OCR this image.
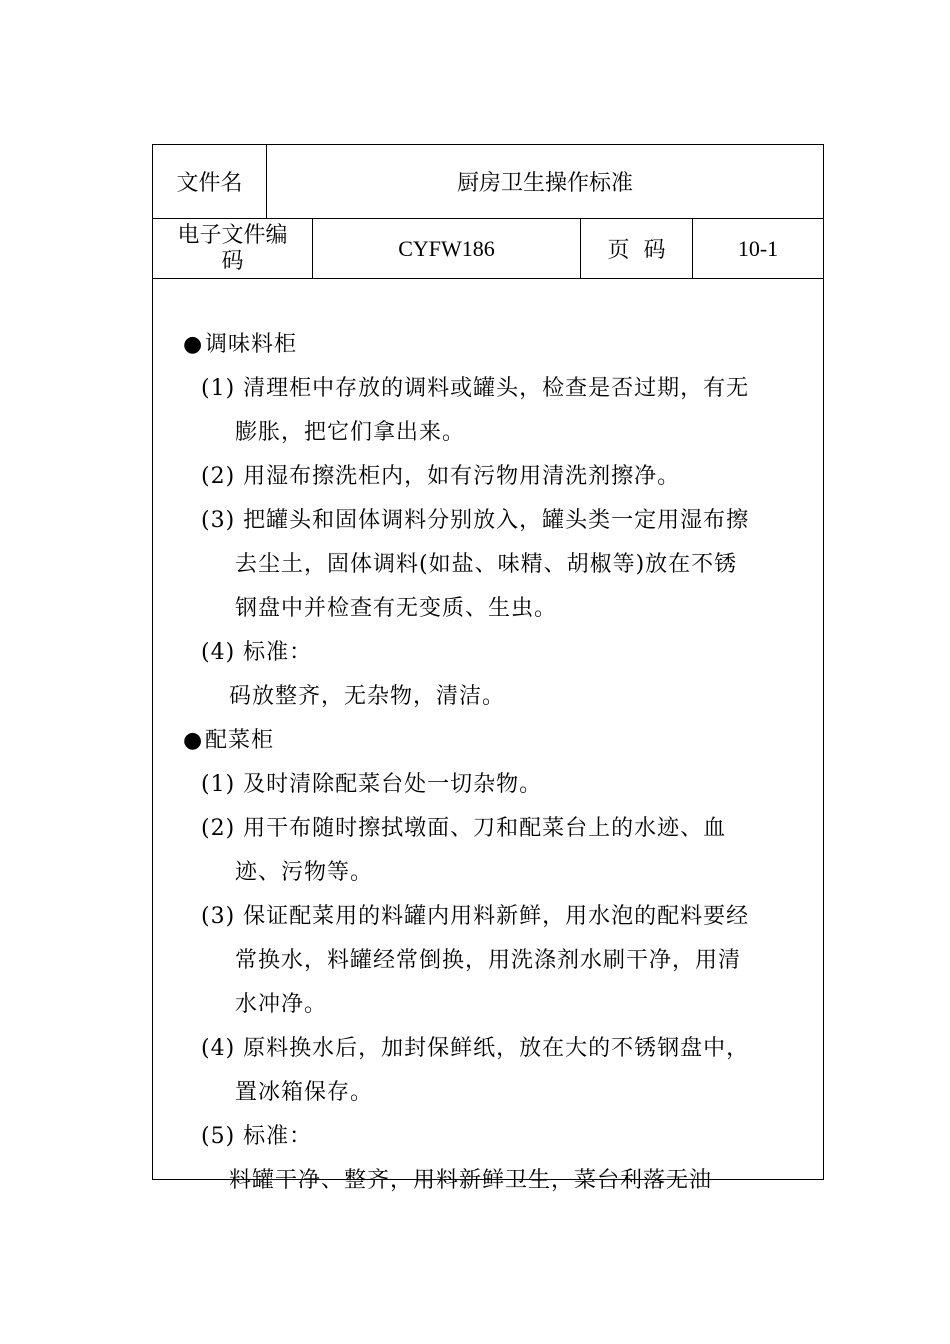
文件名	厨房卫生操作标准
电子文件编
码
CYFW186	页码	10-1
●调味料柜
(1) 清理柜中存放的调料或罐头，检查是否过期，有无
膨胀，把它们拿出来。
(2) 用湿布擦洗柜内，如有污物用清洗剂擦净。
(3) 把罐头和固体调料分别放入，罐头类一定用湿布擦
去尘土，固体调料(如盐、味精、胡椒等)放在不锈
钢盘中并检查有无变质、生虫。
(4) 标准：
码放整齐，无杂物，清洁。
●配菜柜
(1) 及时清除配菜台处一切杂物。
(2) 用干布随时擦拭墩面、刀和配菜台上的水迹、血
迹、污物等。
(3) 保证配菜用的料罐内用料新鲜，用水泡的配料要经
常换水，料罐经常倒换，用洗涤剂水刷干净，用清
水冲净。
(4) 原料换水后，加封保鲜纸，放在大的不锈钢盘中，
置冰箱保存。
(5) 标准：
料罐干净、整齐，用料新鲜卫生，菜台利落无油
